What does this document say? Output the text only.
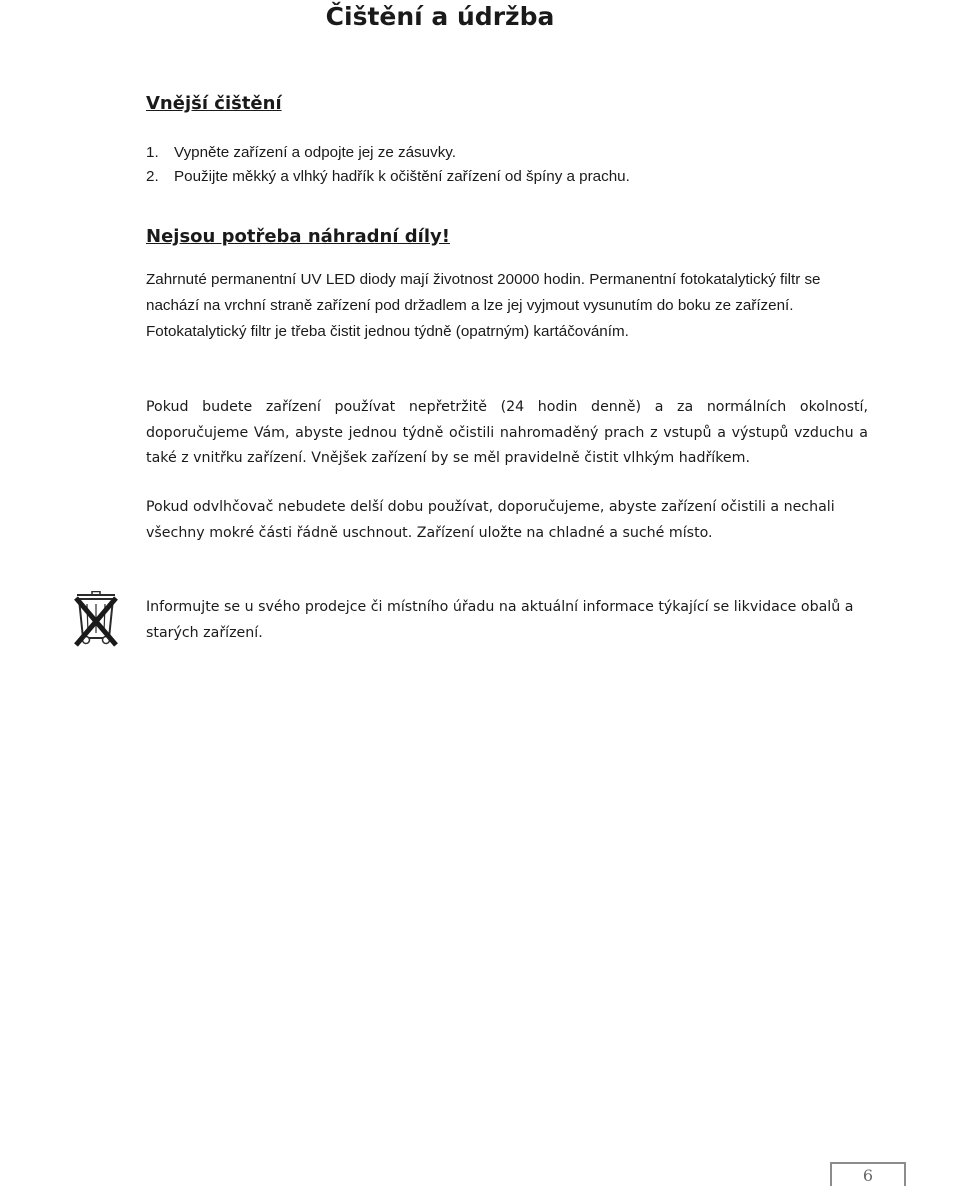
Čištění a údržba
Vnější čištění
1. Vypněte zařízení a odpojte jej ze zásuvky.
2. Použijte měkký a vlhký hadřík k očištění zařízení od špíny a prachu.
Nejsou potřeba náhradní díly!

Zahrnuté permanentní UV LED diody mají životnost 20000 hodin. Permanentní fotokatalytický filtr se nachází na vrchní straně zařízení pod držadlem a lze jej vyjmout vysunutím do boku ze zařízení. Fotokatalytický filtr je třeba čistit jednou týdně (opatrným) kartáčováním.

Pokud budete zařízení používat nepřetržitě (24 hodin denně) a za normálních okolností, doporučujeme Vám, abyste jednou týdně očistili nahromaděný prach z vstupů a výstupů vzduchu a také z vnitřku zařízení. Vnějšek zařízení by se měl pravidelně čistit vlhkým hadříkem.

Pokud odvlhčovač nebudete delší dobu používat, doporučujeme, abyste zařízení očistili a nechali všechny mokré části řádně uschnout. Zařízení uložte na chladné a suché místo.

Informujte se u svého prodejce či místního úřadu na aktuální informace týkající se likvidace obalů a starých zařízení.

6
